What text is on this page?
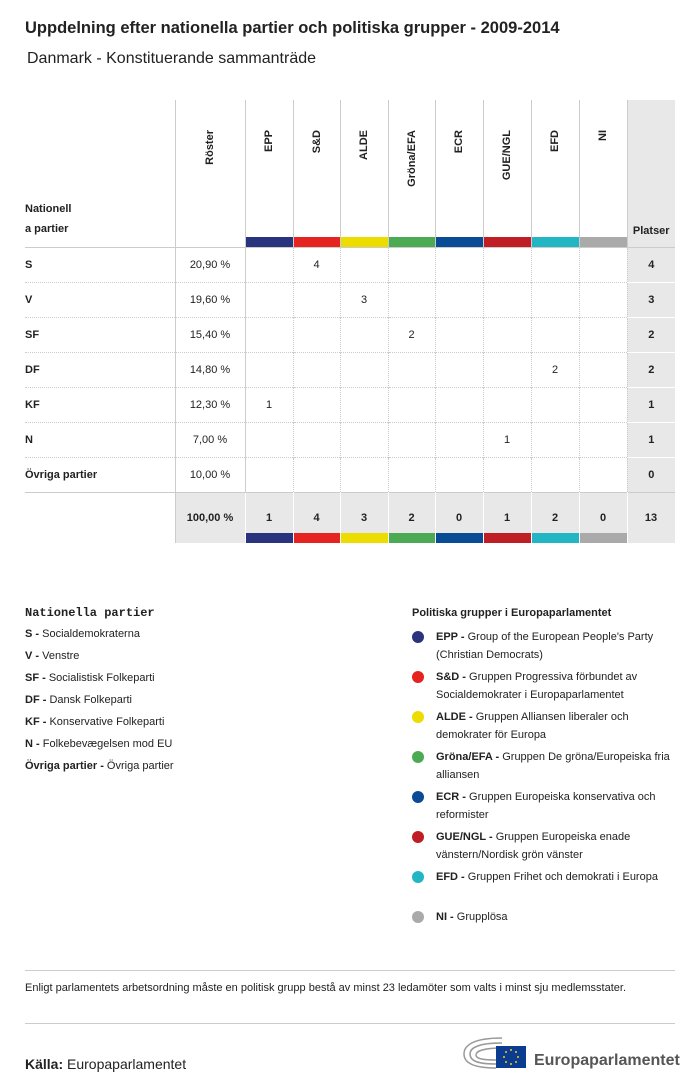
Uppdelning efter nationella partier och politiska grupper - 2009-2014
Danmark - Konstituerande sammanträde
Nationella partier	Röster	EPP	S&D	ALDE	Gröna/EFA	ECR	GUE/NGL	EFD	NI	Platser
S	20,90 %		4							4
V	19,60 %			3						3
SF	15,40 %				2					2
DF	14,80 %							2		2
KF	12,30 %	1								1
N	7,00 %						1			1
Övriga partier	10,00 %									0
	100,00 %	1	4	3	2	0	1	2	0	13
Nationella partier
S - Socialdemokraterna
V - Venstre
SF - Socialistisk Folkeparti
DF - Dansk Folkeparti
KF - Konservative Folkeparti
N - Folkebevægelsen mod EU
Övriga partier - Övriga partier
Politiska grupper i Europaparlamentet
EPP - Group of the European People's Party (Christian Democrats)
S&D - Gruppen Progressiva förbundet av Socialdemokrater i Europaparlamentet
ALDE - Gruppen Alliansen liberaler och demokrater för Europa
Gröna/EFA - Gruppen De gröna/Europeiska fria alliansen
ECR - Gruppen Europeiska konservativa och reformister
GUE/NGL - Gruppen Europeiska enade vänstern/Nordisk grön vänster
EFD - Gruppen Frihet och demokrati i Europa
NI - Grupplösa
Enligt parlamentets arbetsordning måste en politisk grupp bestå av minst 23 ledamöter som valts i minst sju medlemsstater.
Källa: Europaparlamentet	Europaparlamentet
